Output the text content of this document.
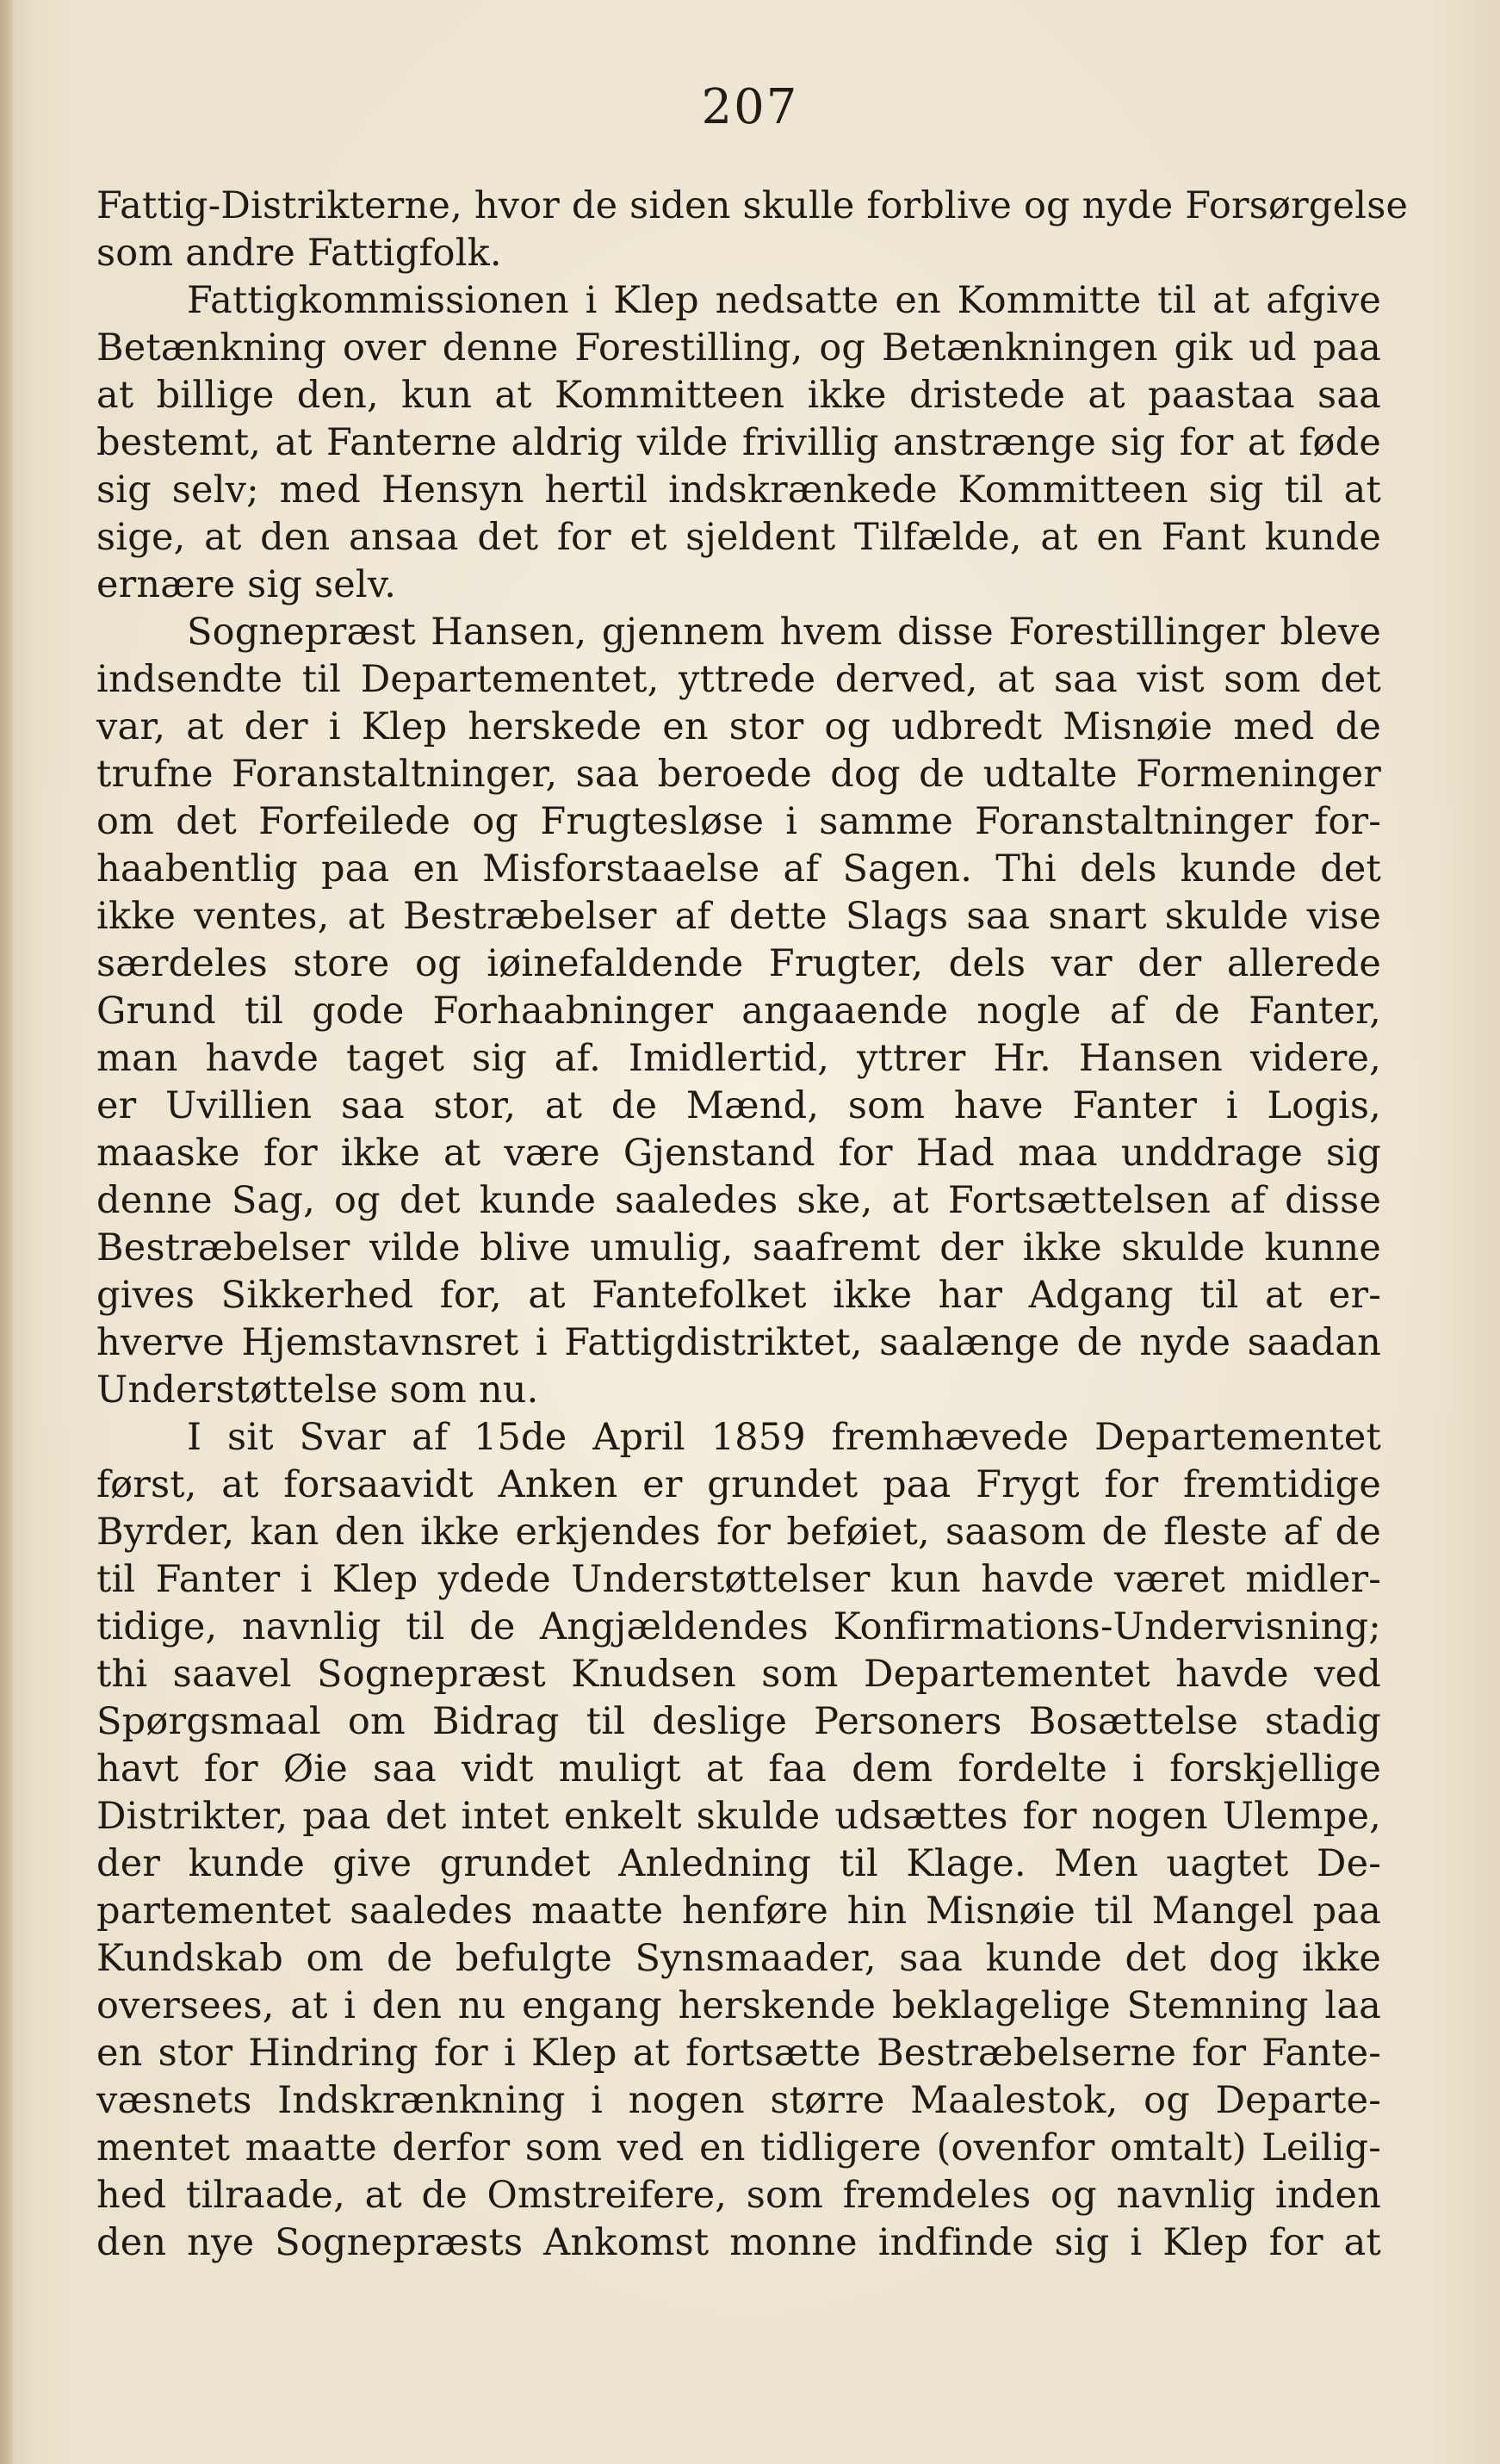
207
Fattig-Distrikterne, hvor de siden skulle forblive og nyde Forsørgelse
som andre Fattigfolk.
Fattigkommissionen i Klep nedsatte en Kommitte til at afgive
Betænkning over denne Forestilling, og Betænkningen gik ud paa
at billige den, kun at Kommitteen ikke dristede at paastaa saa
bestemt, at Fanterne aldrig vilde frivillig anstrænge sig for at føde
sig selv; med Hensyn hertil indskrænkede Kommitteen sig til at
sige, at den ansaa det for et sjeldent Tilfælde, at en Fant kunde
ernære sig selv.
Sognepræst Hansen, gjennem hvem disse Forestillinger bleve
indsendte til Departementet, yttrede derved, at saa vist som det
var, at der i Klep herskede en stor og udbredt Misnøie med de
trufne Foranstaltninger, saa beroede dog de udtalte Formeninger
om det Forfeilede og Frugtesløse i samme Foranstaltninger for-
haabentlig paa en Misforstaaelse af Sagen. Thi dels kunde det
ikke ventes, at Bestræbelser af dette Slags saa snart skulde vise
særdeles store og iøinefaldende Frugter, dels var der allerede
Grund til gode Forhaabninger angaaende nogle af de Fanter,
man havde taget sig af. Imidlertid, yttrer Hr. Hansen videre,
er Uvillien saa stor, at de Mænd, som have Fanter i Logis,
maaske for ikke at være Gjenstand for Had maa unddrage sig
denne Sag, og det kunde saaledes ske, at Fortsættelsen af disse
Bestræbelser vilde blive umulig, saafremt der ikke skulde kunne
gives Sikkerhed for, at Fantefolket ikke har Adgang til at er-
hverve Hjemstavnsret i Fattigdistriktet, saalænge de nyde saadan
Understøttelse som nu.
I sit Svar af 15de April 1859 fremhævede Departementet
først, at forsaavidt Anken er grundet paa Frygt for fremtidige
Byrder, kan den ikke erkjendes for beføiet, saasom de fleste af de
til Fanter i Klep ydede Understøttelser kun havde været midler-
tidige, navnlig til de Angjældendes Konfirmations-Undervisning;
thi saavel Sognepræst Knudsen som Departementet havde ved
Spørgsmaal om Bidrag til deslige Personers Bosættelse stadig
havt for Øie saa vidt muligt at faa dem fordelte i forskjellige
Distrikter, paa det intet enkelt skulde udsættes for nogen Ulempe,
der kunde give grundet Anledning til Klage. Men uagtet De-
partementet saaledes maatte henføre hin Misnøie til Mangel paa
Kundskab om de befulgte Synsmaader, saa kunde det dog ikke
oversees, at i den nu engang herskende beklagelige Stemning laa
en stor Hindring for i Klep at fortsætte Bestræbelserne for Fante-
væsnets Indskrænkning i nogen større Maalestok, og Departe-
mentet maatte derfor som ved en tidligere (ovenfor omtalt) Leilig-
hed tilraade, at de Omstreifere, som fremdeles og navnlig inden
den nye Sognepræsts Ankomst monne indfinde sig i Klep for at
